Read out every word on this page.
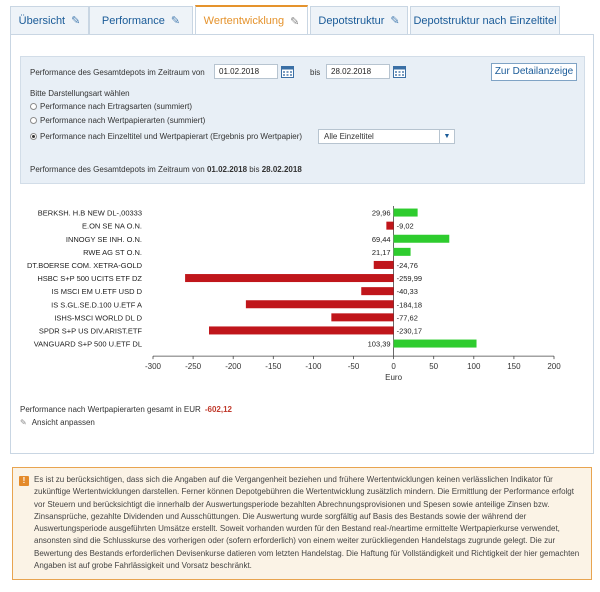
Übersicht ✎ Performance ✎ Wertentwicklung ✎ Depotstruktur ✎ Depotstruktur nach Einzeltitel
Performance des Gesamtdepots im Zeitraum von	01.02.2018	bis	28.02.2018	Zur Detailanzeige
Bitte Darstellungsart wählen
Performance nach Ertragsarten (summiert)
Performance nach Wertpapierarten (summiert)
Performance nach Einzeltitel und Wertpapierart (Ergebnis pro Wertpapier)	Alle Einzeltitel	▼
Performance des Gesamtdepots im Zeitraum von 01.02.2018 bis 28.02.2018
-300	-250	-200	-150	-100	-50	0	50	100	150	200
Euro
BERKSH. H.B NEW DL-,00333	29,96
E.ON SE NA O.N.	-9,02
INNOGY SE INH. O.N.	69,44
RWE AG ST O.N.	21,17
DT.BOERSE COM. XETRA-GOLD	-24,76
HSBC S+P 500 UCITS ETF DZ	-259,99
IS MSCI EM U.ETF USD D	-40,33
IS S.GL.SE.D.100 U.ETF A	-184,18
ISHS-MSCI WORLD DL D	-77,62
SPDR S+P US DIV.ARIST.ETF	-230,17
VANGUARD S+P 500 U.ETF DL	103,39
Performance nach Wertpapierarten gesamt in EUR -602,12
✎ Ansicht anpassen
!	Es ist zu berücksichtigen, dass sich die Angaben auf die Vergangenheit beziehen und frühere Wertentwicklungen keinen verlässlichen Indikator für zukünftige Wertentwicklungen darstellen. Ferner können Depotgebühren die Wertentwicklung zusätzlich mindern. Die Ermittlung der Performance erfolgt vor Steuern und berücksichtigt die innerhalb der Auswertungsperiode bezahlten Abrechnungsprovisionen und Spesen sowie anteilige Zinsen bzw. Zinsansprüche, gezahlte Dividenden und Ausschüttungen. Die Auswertung wurde sorgfältig auf Basis des Bestands sowie der während der Auswertungsperiode ausgeführten Umsätze erstellt. Soweit vorhanden wurden für den Bestand real-/neartime ermittelte Wertpapierkurse verwendet, ansonsten sind die Schlusskurse des vorherigen oder (sofern erforderlich) von einem weiter zurückliegenden Handelstags zugrunde gelegt. Die zur Bewertung des Bestands erforderlichen Devisenkurse datieren vom letzten Handelstag. Die Haftung für Vollständigkeit und Richtigkeit der hier gemachten Angaben ist auf grobe Fahrlässigkeit und Vorsatz beschränkt.
